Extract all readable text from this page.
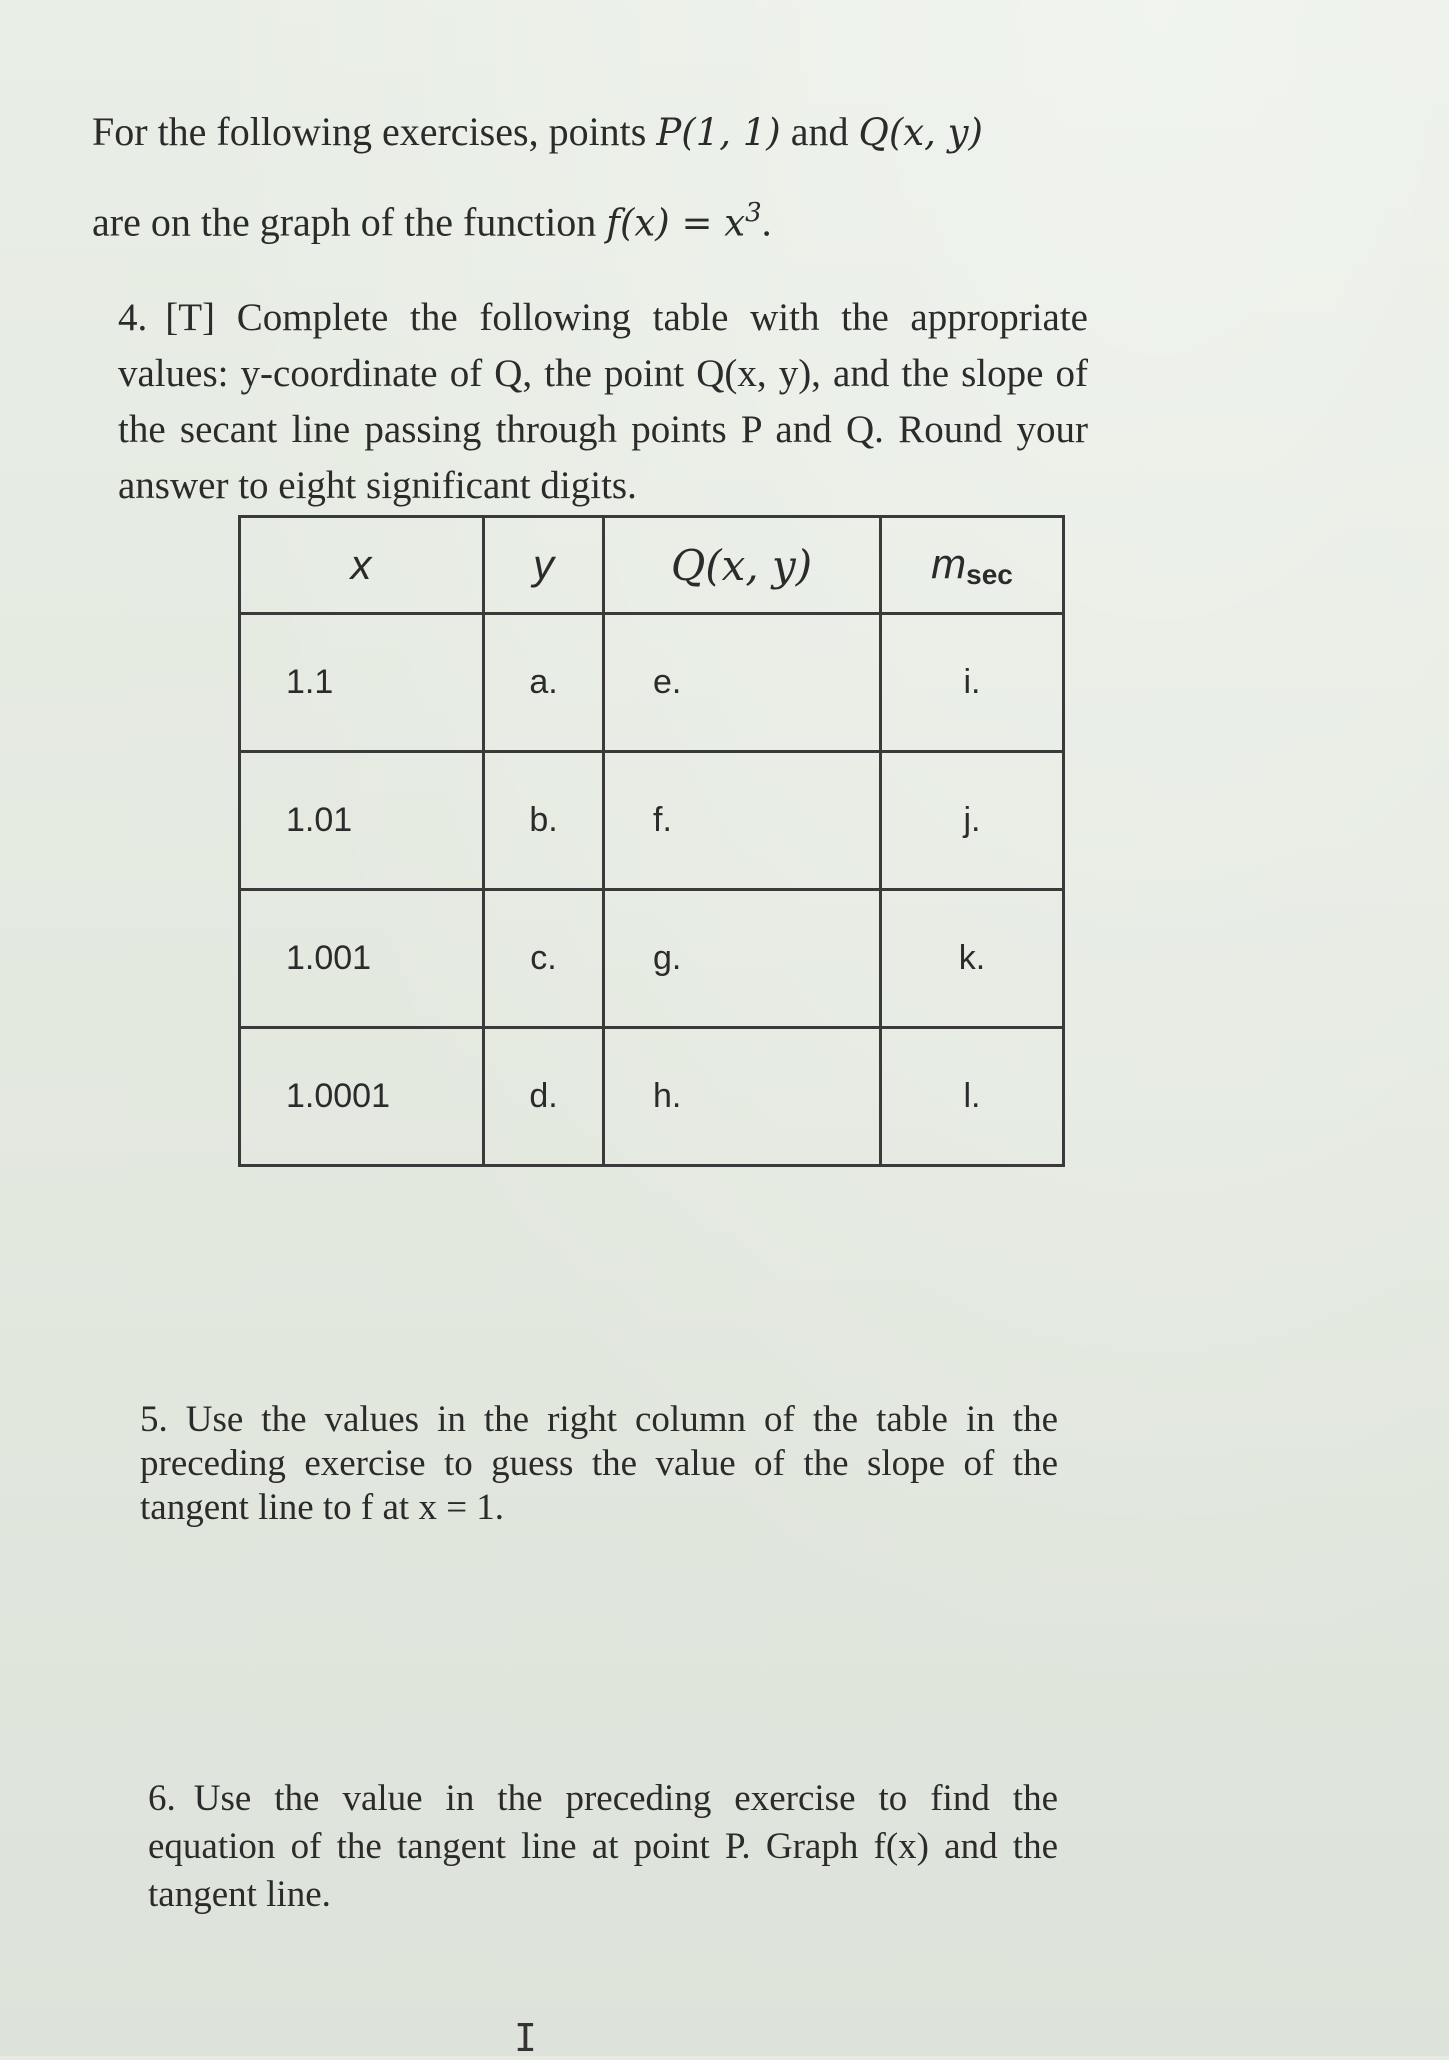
For the following exercises, points P(1, 1) and Q(x, y)
are on the graph of the function $f(x) = x^3$.
4. [T] Complete the following table with the appropriate values: y-coordinate of Q, the point Q(x, y), and the slope of the secant line passing through points P and Q. Round your answer to eight significant digits.
x	y	Q(x, y)	$m_{sec}$
1.1	a.	e.	i.
1.01	b.	f.	j.
1.001	c.	g.	k.
1.0001	d.	h.	l.
5. Use the values in the right column of the table in the preceding exercise to guess the value of the slope of the tangent line to f at x = 1.
6. Use the value in the preceding exercise to find the equation of the tangent line at point P. Graph f(x) and the tangent line.
I
